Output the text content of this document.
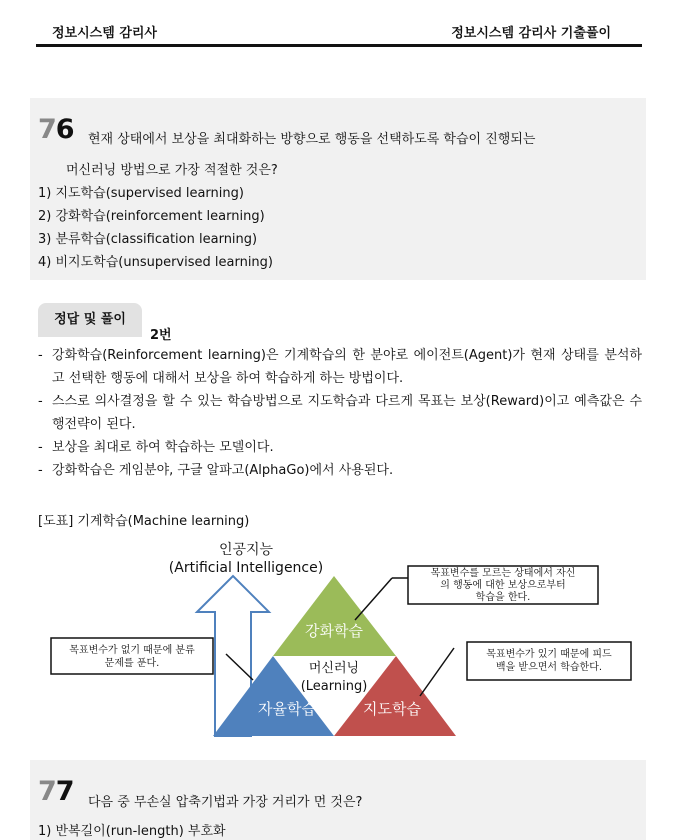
정보시스템 감리사	정보시스템 감리사 기출풀이
76 현재 상태에서 보상을 최대화하는 방향으로 행동을 선택하도록 학습이 진행되는
머신러닝 방법으로 가장 적절한 것은?
1) 지도학습(supervised learning)
2) 강화학습(reinforcement learning)
3) 분류학습(classification learning)
4) 비지도학습(unsupervised learning)
정답 및 풀이
2번
- 강화학습(Reinforcement learning)은 기계학습의 한 분야로 에이전트(Agent)가 현재 상태를 분석하고 선택한 행동에 대해서 보상을 하여 학습하게 하는 방법이다.
- 스스로 의사결정을 할 수 있는 학습방법으로 지도학습과 다르게 목표는 보상(Reward)이고 예측값은 수행전략이 된다.
- 보상을 최대로 하여 학습하는 모델이다.
- 강화학습은 게임분야, 구글 알파고(AlphaGo)에서 사용된다.
[도표] 기계학습(Machine learning)
인공지능
(Artificial Intelligence)
강화학습
머신러닝
(Learning)
자율학습	지도학습
목표변수를 모르는 상태에서 자신
의 행동에 대한 보상으로부터
학습을 한다.
목표변수가 없기 때문에 분류
문제를 푼다.
목표변수가 있기 때문에 피드
백을 받으면서 학습한다.
77 다음 중 무손실 압축기법과 가장 거리가 먼 것은?
1) 반복길이(run-length) 부호화
